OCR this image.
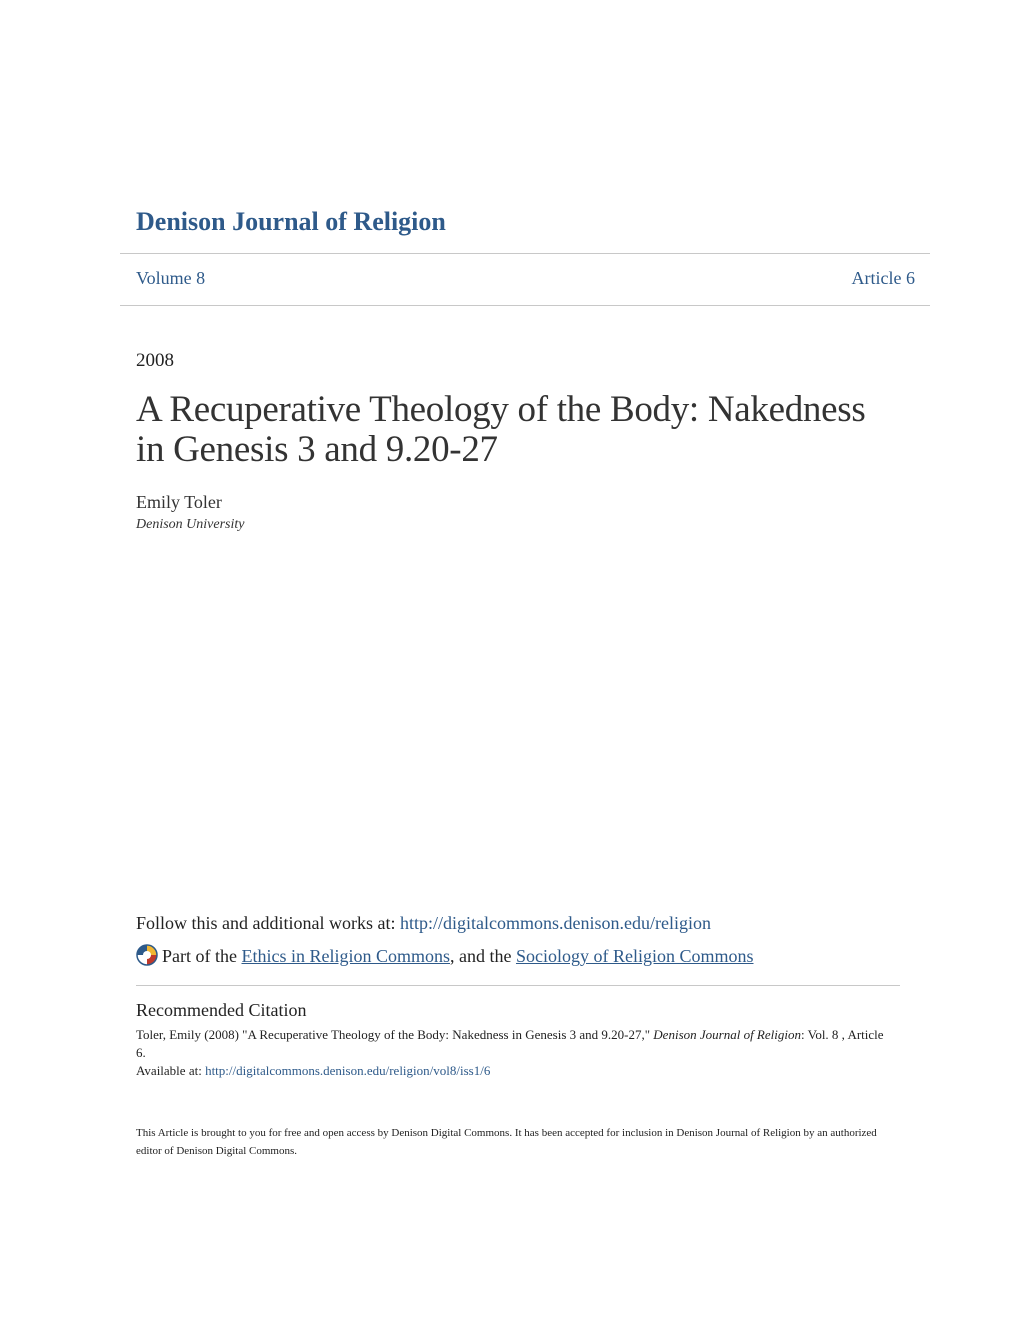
Denison Journal of Religion
Volume 8	Article 6
2008
A Recuperative Theology of the Body: Nakedness
in Genesis 3 and 9.20-27
Emily Toler
Denison University
Follow this and additional works at: http://digitalcommons.denison.edu/religion
Part of the Ethics in Religion Commons, and the Sociology of Religion Commons
Recommended Citation
Toler, Emily (2008) "A Recuperative Theology of the Body: Nakedness in Genesis 3 and 9.20-27," Denison Journal of Religion: Vol. 8 , Article 6.
Available at: http://digitalcommons.denison.edu/religion/vol8/iss1/6
This Article is brought to you for free and open access by Denison Digital Commons. It has been accepted for inclusion in Denison Journal of Religion by an authorized editor of Denison Digital Commons.
